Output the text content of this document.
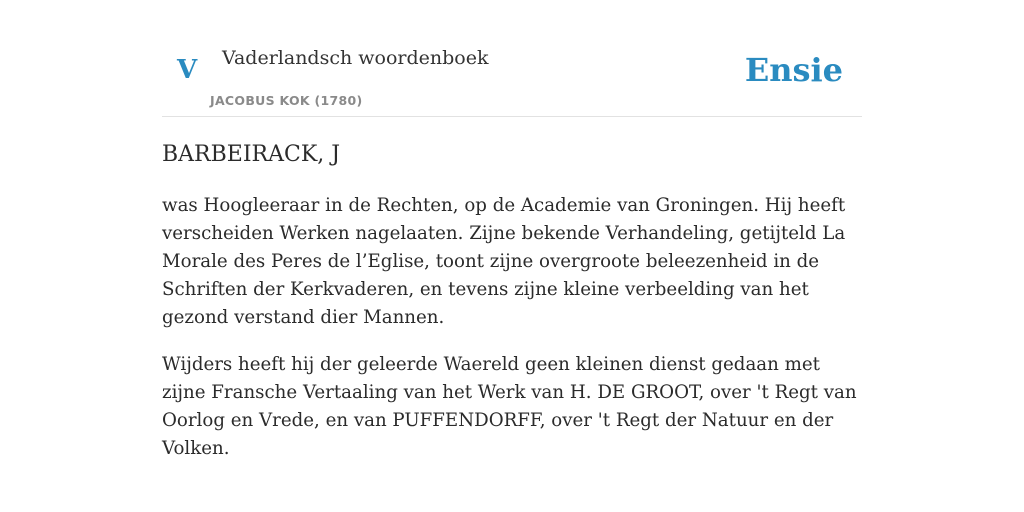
V Vaderlandsch woordenboek
JACOBUS KOK (1780)
Ensie
BARBEIRACK, J

was Hoogleeraar in de Rechten, op de Academie van Groningen. Hij heeft verscheiden Werken nagelaaten. Zijne bekende Verhandeling, getijteld La Morale des Peres de l’Eglise, toont zijne overgroote beleezenheid in de Schriften der Kerkvaderen, en tevens zijne kleine verbeelding van het gezond verstand dier Mannen.

Wijders heeft hij der geleerde Waereld geen kleinen dienst gedaan met zijne Fransche Vertaaling van het Werk van H. DE GROOT, over 't Regt van Oorlog en Vrede, en van PUFFENDORFF, over 't Regt der Natuur en der Volken.
